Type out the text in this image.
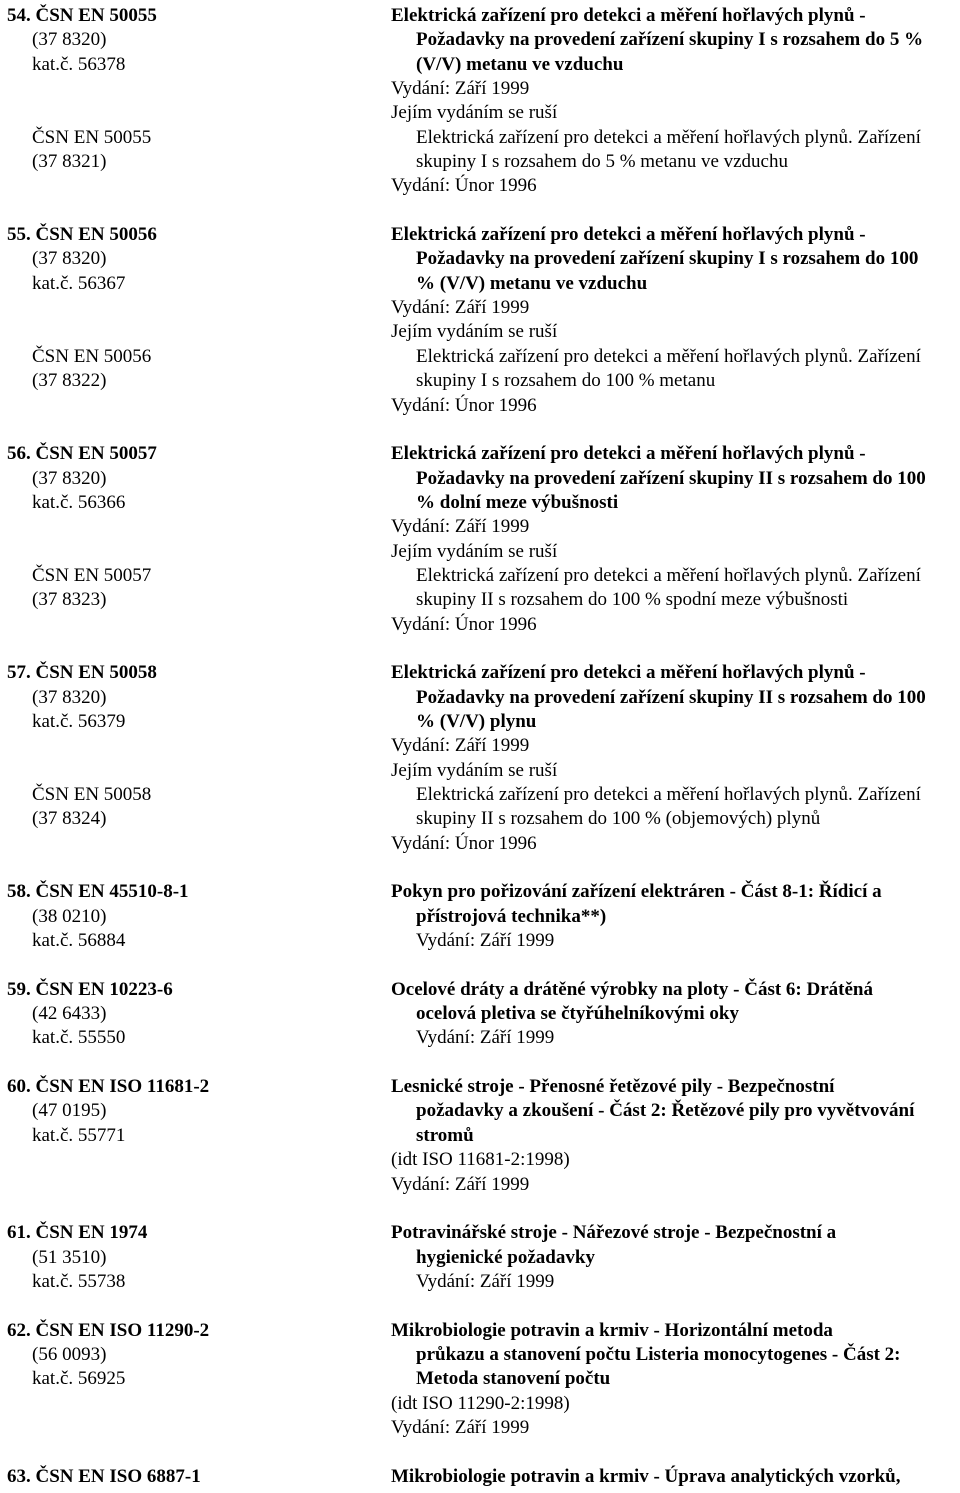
54. ČSN EN 50055	Elektrická zařízení pro detekci a měření hořlavých plynů -
(37 8320)	Požadavky na provedení zařízení skupiny I s rozsahem do 5 %
kat.č. 56378	(V/V) metanu ve vzduchu
Vydání: Září 1999
Jejím vydáním se ruší
ČSN EN 50055	Elektrická zařízení pro detekci a měření hořlavých plynů. Zařízení
(37 8321)	skupiny I s rozsahem do 5 % metanu ve vzduchu
Vydání: Únor 1996
55. ČSN EN 50056	Elektrická zařízení pro detekci a měření hořlavých plynů -
(37 8320)	Požadavky na provedení zařízení skupiny I s rozsahem do 100
kat.č. 56367	% (V/V) metanu ve vzduchu
Vydání: Září 1999
Jejím vydáním se ruší
ČSN EN 50056	Elektrická zařízení pro detekci a měření hořlavých plynů. Zařízení
(37 8322)	skupiny I s rozsahem do 100 % metanu
Vydání: Únor 1996
56. ČSN EN 50057	Elektrická zařízení pro detekci a měření hořlavých plynů -
(37 8320)	Požadavky na provedení zařízení skupiny II s rozsahem do 100
kat.č. 56366	% dolní meze výbušnosti
Vydání: Září 1999
Jejím vydáním se ruší
ČSN EN 50057	Elektrická zařízení pro detekci a měření hořlavých plynů. Zařízení
(37 8323)	skupiny II s rozsahem do 100 % spodní meze výbušnosti
Vydání: Únor 1996
57. ČSN EN 50058	Elektrická zařízení pro detekci a měření hořlavých plynů -
(37 8320)	Požadavky na provedení zařízení skupiny II s rozsahem do 100
kat.č. 56379	% (V/V) plynu
Vydání: Září 1999
Jejím vydáním se ruší
ČSN EN 50058	Elektrická zařízení pro detekci a měření hořlavých plynů. Zařízení
(37 8324)	skupiny II s rozsahem do 100 % (objemových) plynů
Vydání: Únor 1996
58. ČSN EN 45510-8-1	Pokyn pro pořizování zařízení elektráren - Část 8-1: Řídicí a
(38 0210)	přístrojová technika**)
kat.č. 56884	Vydání: Září 1999
59. ČSN EN 10223-6	Ocelové dráty a drátěné výrobky na ploty - Část 6: Drátěná
(42 6433)	ocelová pletiva se čtyřúhelníkovými oky
kat.č. 55550	Vydání: Září 1999
60. ČSN EN ISO 11681-2	Lesnické stroje - Přenosné řetězové pily - Bezpečnostní
(47 0195)	požadavky a zkoušení - Část 2: Řetězové pily pro vyvětvování
kat.č. 55771	stromů
(idt ISO 11681-2:1998)
Vydání: Září 1999
61. ČSN EN 1974	Potravinářské stroje - Nářezové stroje - Bezpečnostní a
(51 3510)	hygienické požadavky
kat.č. 55738	Vydání: Září 1999
62. ČSN EN ISO 11290-2	Mikrobiologie potravin a krmiv - Horizontální metoda
(56 0093)	průkazu a stanovení počtu Listeria monocytogenes - Část 2:
kat.č. 56925	Metoda stanovení počtu
(idt ISO 11290-2:1998)
Vydání: Září 1999
63. ČSN EN ISO 6887-1	Mikrobiologie potravin a krmiv - Úprava analytických vzorků,
